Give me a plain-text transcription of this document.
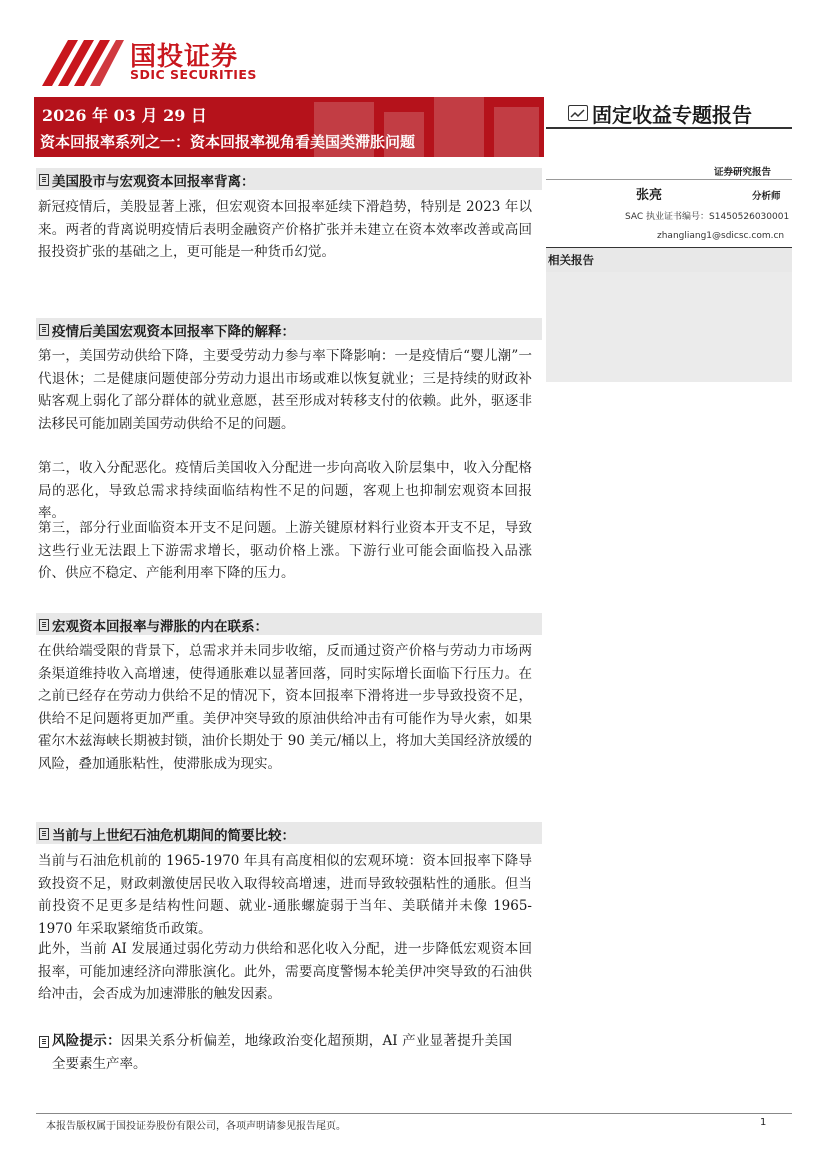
国投证券
SDIC SECURITIES
2026 年 03 月 29 日
资本回报率系列之一：资本回报率视角看美国类滞胀问题
固定收益专题报告
证券研究报告
张亮	分析师
SAC 执业证书编号：S1450526030001
zhangliang1@sdicsc.com.cn
相关报告
美国股市与宏观资本回报率背离：
新冠疫情后，美股显著上涨，但宏观资本回报率延续下滑趋势，特别是 2023 年以来。两者的背离说明疫情后表明金融资产价格扩张并未建立在资本效率改善或高回报投资扩张的基础之上，更可能是一种货币幻觉。
疫情后美国宏观资本回报率下降的解释：
第一，美国劳动供给下降，主要受劳动力参与率下降影响：一是疫情后“婴儿潮”一代退休；二是健康问题使部分劳动力退出市场或难以恢复就业；三是持续的财政补贴客观上弱化了部分群体的就业意愿，甚至形成对转移支付的依赖。此外，驱逐非法移民可能加剧美国劳动供给不足的问题。
第二，收入分配恶化。疫情后美国收入分配进一步向高收入阶层集中，收入分配格局的恶化，导致总需求持续面临结构性不足的问题，客观上也抑制宏观资本回报率。
第三，部分行业面临资本开支不足问题。上游关键原材料行业资本开支不足，导致这些行业无法跟上下游需求增长，驱动价格上涨。下游行业可能会面临投入品涨价、供应不稳定、产能利用率下降的压力。
宏观资本回报率与滞胀的内在联系：
在供给端受限的背景下，总需求并未同步收缩，反而通过资产价格与劳动力市场两条渠道维持收入高增速，使得通胀难以显著回落，同时实际增长面临下行压力。在之前已经存在劳动力供给不足的情况下，资本回报率下滑将进一步导致投资不足，供给不足问题将更加严重。美伊冲突导致的原油供给冲击有可能作为导火索，如果霍尔木兹海峡长期被封锁，油价长期处于 90 美元/桶以上，将加大美国经济放缓的风险，叠加通胀粘性，使滞胀成为现实。
当前与上世纪石油危机期间的简要比较：
当前与石油危机前的 1965-1970 年具有高度相似的宏观环境：资本回报率下降导致投资不足，财政刺激使居民收入取得较高增速，进而导致较强粘性的通胀。但当前投资不足更多是结构性问题、就业-通胀螺旋弱于当年、美联储并未像 1965-1970 年采取紧缩货币政策。
此外，当前 AI 发展通过弱化劳动力供给和恶化收入分配，进一步降低宏观资本回报率，可能加速经济向滞胀演化。此外，需要高度警惕本轮美伊冲突导致的石油供给冲击，会否成为加速滞胀的触发因素。
风险提示：因果关系分析偏差，地缘政治变化超预期，AI 产业显著提升美国全要素生产率。
本报告版权属于国投证券股份有限公司，各项声明请参见报告尾页。	1
